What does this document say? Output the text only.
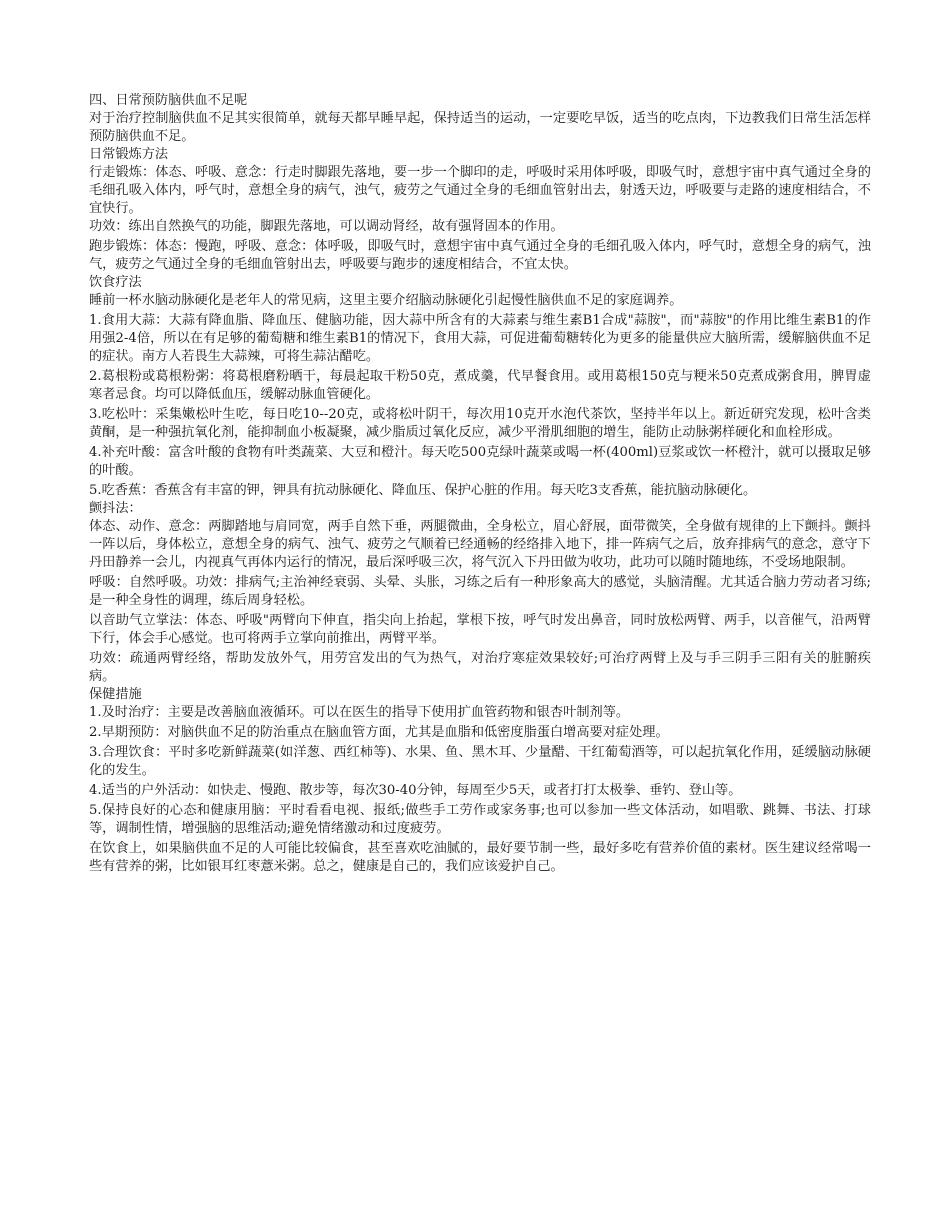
四、日常预防脑供血不足呢

对于治疗控制脑供血不足其实很简单，就每天都早睡早起，保持适当的运动，一定要吃早饭，适当的吃点肉，下边教我们日常生活怎样预防脑供血不足。

日常锻炼方法

行走锻炼：体态、呼吸、意念：行走时脚跟先落地，要一步一个脚印的走，呼吸时采用体呼吸，即吸气时，意想宇宙中真气通过全身的毛细孔吸入体内，呼气时，意想全身的病气，浊气，疲劳之气通过全身的毛细血管射出去，射透天边，呼吸要与走路的速度相结合，不宜快行。

功效：练出自然换气的功能，脚跟先落地，可以调动肾经，故有强肾固本的作用。

跑步锻炼：体态：慢跑，呼吸、意念：体呼吸，即吸气时，意想宇宙中真气通过全身的毛细孔吸入体内，呼气时，意想全身的病气，浊气，疲劳之气通过全身的毛细血管射出去，呼吸要与跑步的速度相结合，不宜太快。

饮食疗法

睡前一杯水脑动脉硬化是老年人的常见病，这里主要介绍脑动脉硬化引起慢性脑供血不足的家庭调养。

1.食用大蒜：大蒜有降血脂、降血压、健脑功能，因大蒜中所含有的大蒜素与维生素B1合成"蒜胺"，而"蒜胺"的作用比维生素B1的作用强2-4倍，所以在有足够的葡萄糖和维生素B1的情况下，食用大蒜，可促进葡萄糖转化为更多的能量供应大脑所需，缓解脑供血不足的症状。南方人若畏生大蒜辣，可将生蒜沾醋吃。

2.葛根粉或葛根粉粥：将葛根磨粉晒干，每晨起取干粉50克，煮成羹，代早餐食用。或用葛根150克与粳米50克煮成粥食用，脾胃虚寒者忌食。均可以降低血压，缓解动脉血管硬化。

3.吃松叶：采集嫩松叶生吃，每日吃10--20克，或将松叶阴干，每次用10克开水泡代茶饮，坚持半年以上。新近研究发现，松叶含类黄酮，是一种强抗氧化剂，能抑制血小板凝聚，减少脂质过氧化反应，减少平滑肌细胞的增生，能防止动脉粥样硬化和血栓形成。

4.补充叶酸：富含叶酸的食物有叶类蔬菜、大豆和橙汁。每天吃500克绿叶蔬菜或喝一杯(400ml)豆浆或饮一杯橙汁，就可以摄取足够的叶酸。

5.吃香蕉：香蕉含有丰富的钾，钾具有抗动脉硬化、降血压、保护心脏的作用。每天吃3支香蕉，能抗脑动脉硬化。

颤抖法：

体态、动作、意念：两脚踏地与肩同宽，两手自然下垂，两腿微曲，全身松立，眉心舒展，面带微笑，全身做有规律的上下颤抖。颤抖一阵以后，身体松立，意想全身的病气、浊气、疲劳之气顺着已经通畅的经络排入地下，排一阵病气之后，放弃排病气的意念，意守下丹田静养一会儿，内视真气再体内运行的情况，最后深呼吸三次，将气沉入下丹田做为收功，此功可以随时随地练，不受场地限制。

呼吸：自然呼吸。功效：排病气;主治神经衰弱、头晕、头胀，习练之后有一种形象高大的感觉，头脑清醒。尤其适合脑力劳动者习练;是一种全身性的调理，练后周身轻松。

以音助气立掌法：体态、呼吸"两臂向下伸直，指尖向上抬起，掌根下按，呼气时发出鼻音，同时放松两臂、两手，以音催气，沿两臂下行，体会手心感觉。也可将两手立掌向前推出，两臂平举。

功效：疏通两臂经络，帮助发放外气，用劳宫发出的气为热气，对治疗寒症效果较好;可治疗两臂上及与手三阴手三阳有关的脏腑疾病。

保健措施

1.及时治疗：主要是改善脑血液循环。可以在医生的指导下使用扩血管药物和银杏叶制剂等。

2.早期预防：对脑供血不足的防治重点在脑血管方面，尤其是血脂和低密度脂蛋白增高要对症处理。

3.合理饮食：平时多吃新鲜蔬菜(如洋葱、西红柿等)、水果、鱼、黑木耳、少量醋、干红葡萄酒等，可以起抗氧化作用，延缓脑动脉硬化的发生。

4.适当的户外活动：如快走、慢跑、散步等，每次30-40分钟，每周至少5天，或者打打太极拳、垂钓、登山等。

5.保持良好的心态和健康用脑：平时看看电视、报纸;做些手工劳作或家务事;也可以参加一些文体活动，如唱歌、跳舞、书法、打球等，调制性情，增强脑的思维活动;避免情绪激动和过度疲劳。

在饮食上，如果脑供血不足的人可能比较偏食，甚至喜欢吃油腻的，最好要节制一些，最好多吃有营养价值的素材。医生建议经常喝一些有营养的粥，比如银耳红枣薏米粥。总之，健康是自己的，我们应该爱护自己。
